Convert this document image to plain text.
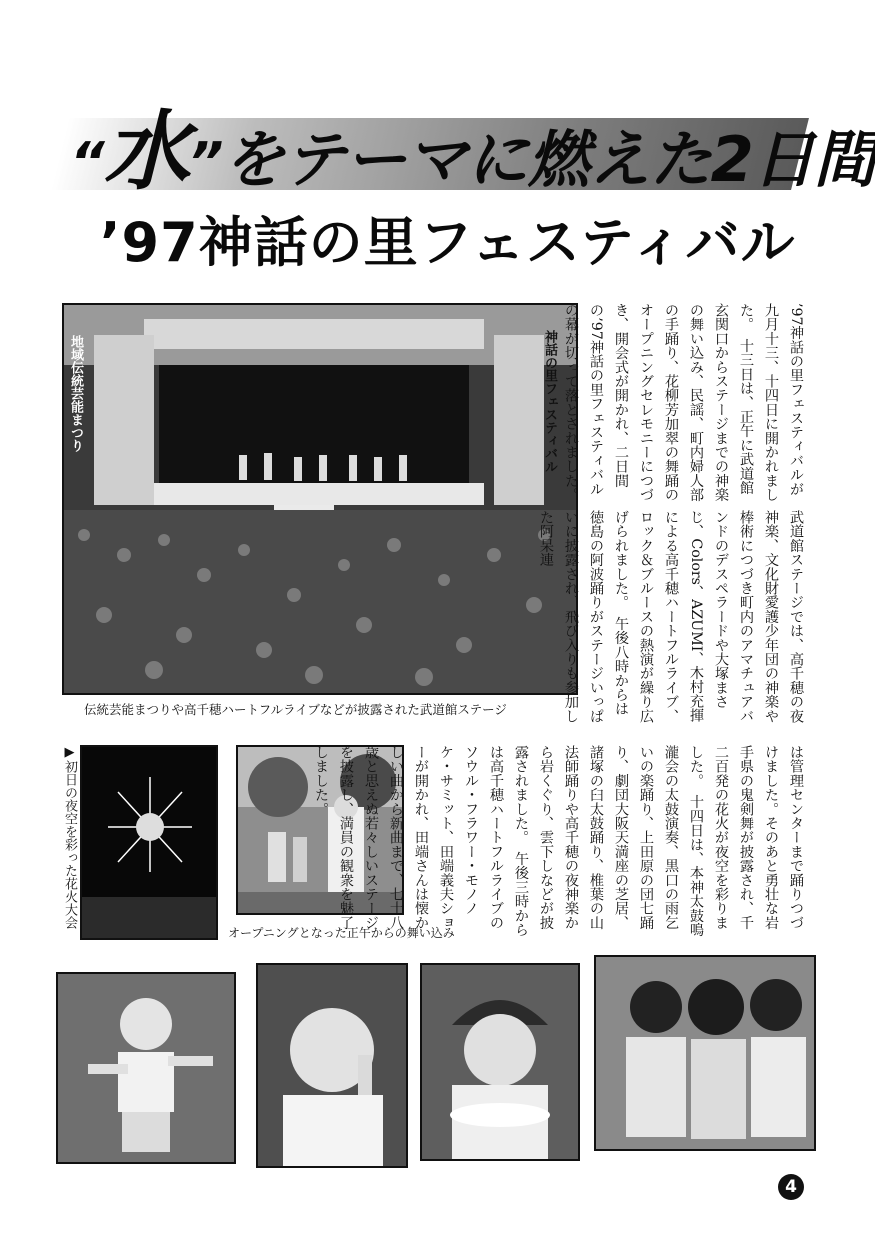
“水”をテーマに燃えた2日間
’97神話の里フェスティバル
地域伝統芸能まつり	神話の里フェスティバル
伝統芸能まつりや高千穂ハートフルライブなどが披露された武道館ステージ
’97神話の里フェスティバルが九月十三、十四日に開かれました。　十三日は、正午に武道館玄関口からステージまでの神楽の舞い込み、民謡、町内婦人部の手踊り、花柳芳加翠の舞踊のオープニングセレモニーにつづき、開会式が開かれ、二日間の’97神話の里フェスティバルの幕が切って落とされました。
武道館ステージでは、高千穂の夜神楽、文化財愛護少年団の神楽や棒術につづき町内のアマチュアバンドのデスペラードや大塚まさじ、Colors、AZUMI、木村充揮による高千穂ハートフルライブ、ロック＆ブルースの熱演が繰り広げられました。　午後八時からは徳島の阿波踊りがステージいっぱいに披露され、飛び入りも参加した阿呆連
▶初日の夜空を彩った花火大会
オープニングとなった正午からの舞い込み
は管理センターまで踊りつづけました。そのあと勇壮な岩手県の鬼剣舞が披露され、千二百発の花火が夜空を彩りました。　十四日は、本神太鼓鳴瀧会の太鼓演奏、黒口の雨乞いの楽踊り、上田原の団七踊り、劇団大阪天満座の芝居、諸塚の臼太鼓踊り、椎葉の山法師踊りや高千穂の夜神楽から岩くぐり、雲下しなどが披露されました。　午後三時からは高千穂ハートフルライブのソウル・フラワー・モノノケ・サミット、田端義夫ショーが開かれ、田端さんは懐かしい曲から新曲まで、七十八歳と思えぬ若々しいステージを披露し、満員の観衆を魅了しました。
4
